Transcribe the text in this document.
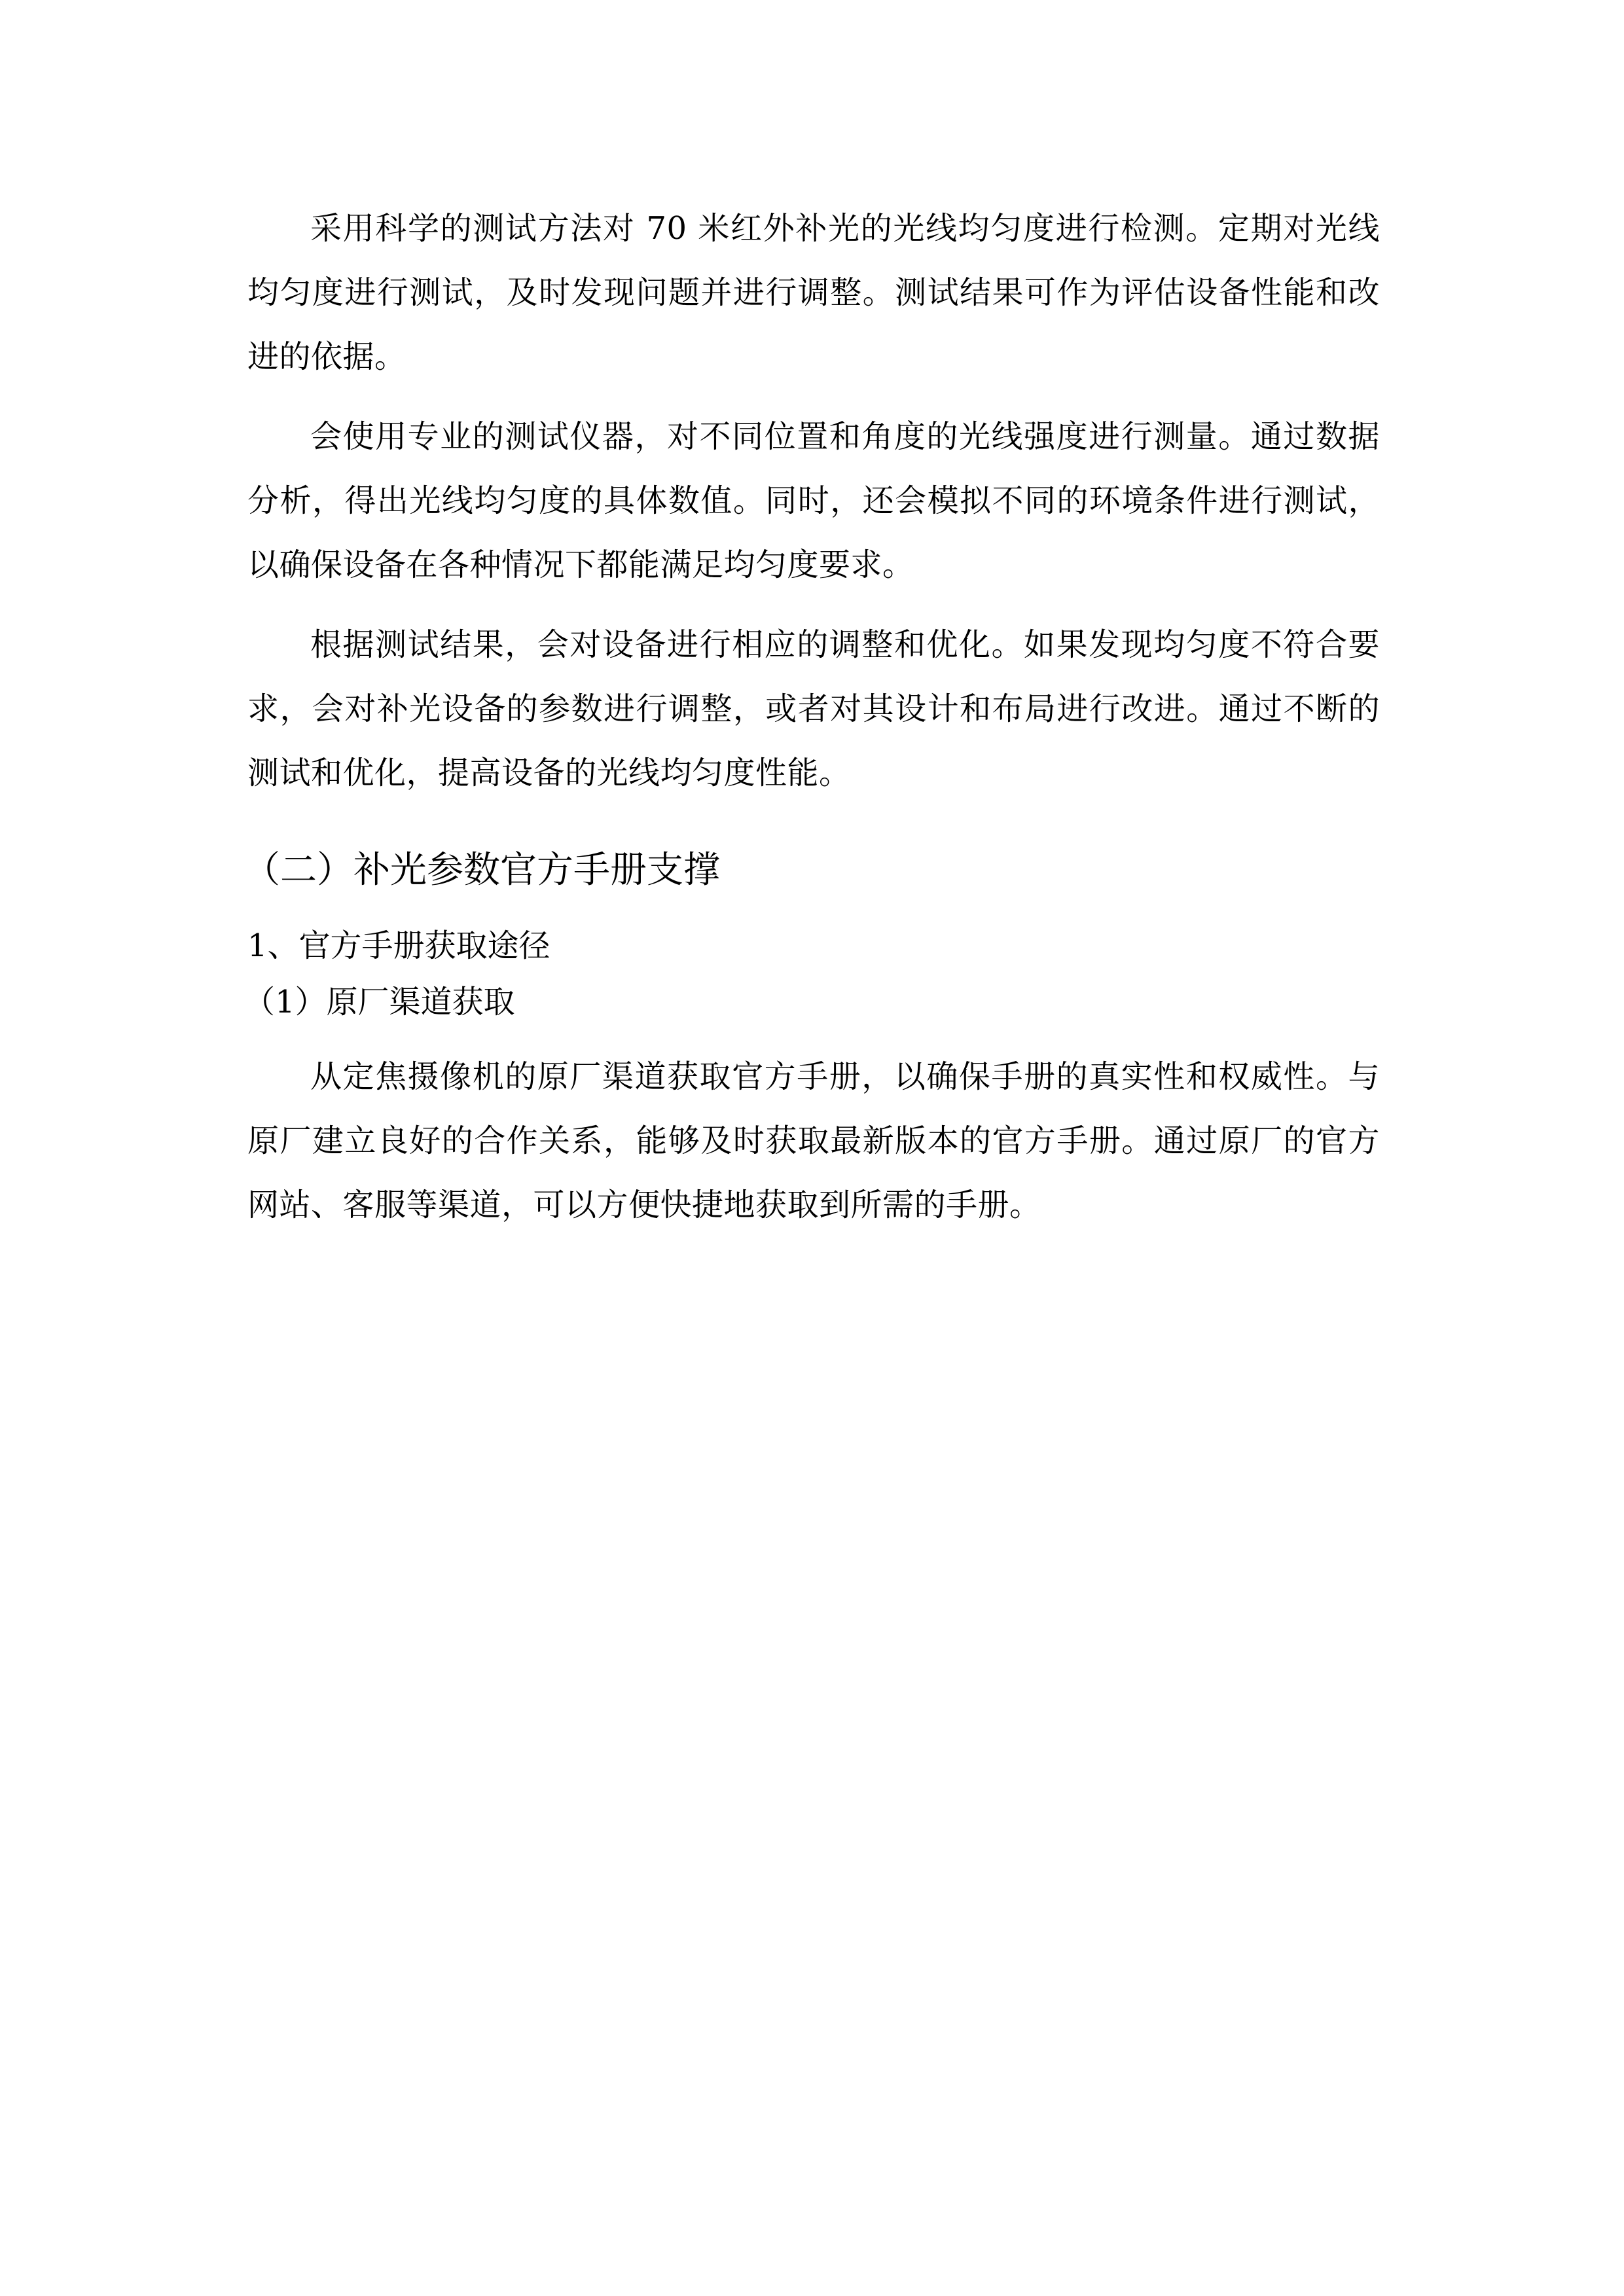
采用科学的测试方法对 70 米红外补光的光线均匀度进行检测。定期对光线均匀度进行测试，及时发现问题并进行调整。测试结果可作为评估设备性能和改进的依据。

会使用专业的测试仪器，对不同位置和角度的光线强度进行测量。通过数据分析，得出光线均匀度的具体数值。同时，还会模拟不同的环境条件进行测试，以确保设备在各种情况下都能满足均匀度要求。

根据测试结果，会对设备进行相应的调整和优化。如果发现均匀度不符合要求，会对补光设备的参数进行调整，或者对其设计和布局进行改进。通过不断的测试和优化，提高设备的光线均匀度性能。

（二）补光参数官方手册支撑
1、官方手册获取途径
（1）原厂渠道获取

从定焦摄像机的原厂渠道获取官方手册，以确保手册的真实性和权威性。与原厂建立良好的合作关系，能够及时获取最新版本的官方手册。通过原厂的官方网站、客服等渠道，可以方便快捷地获取到所需的手册。
